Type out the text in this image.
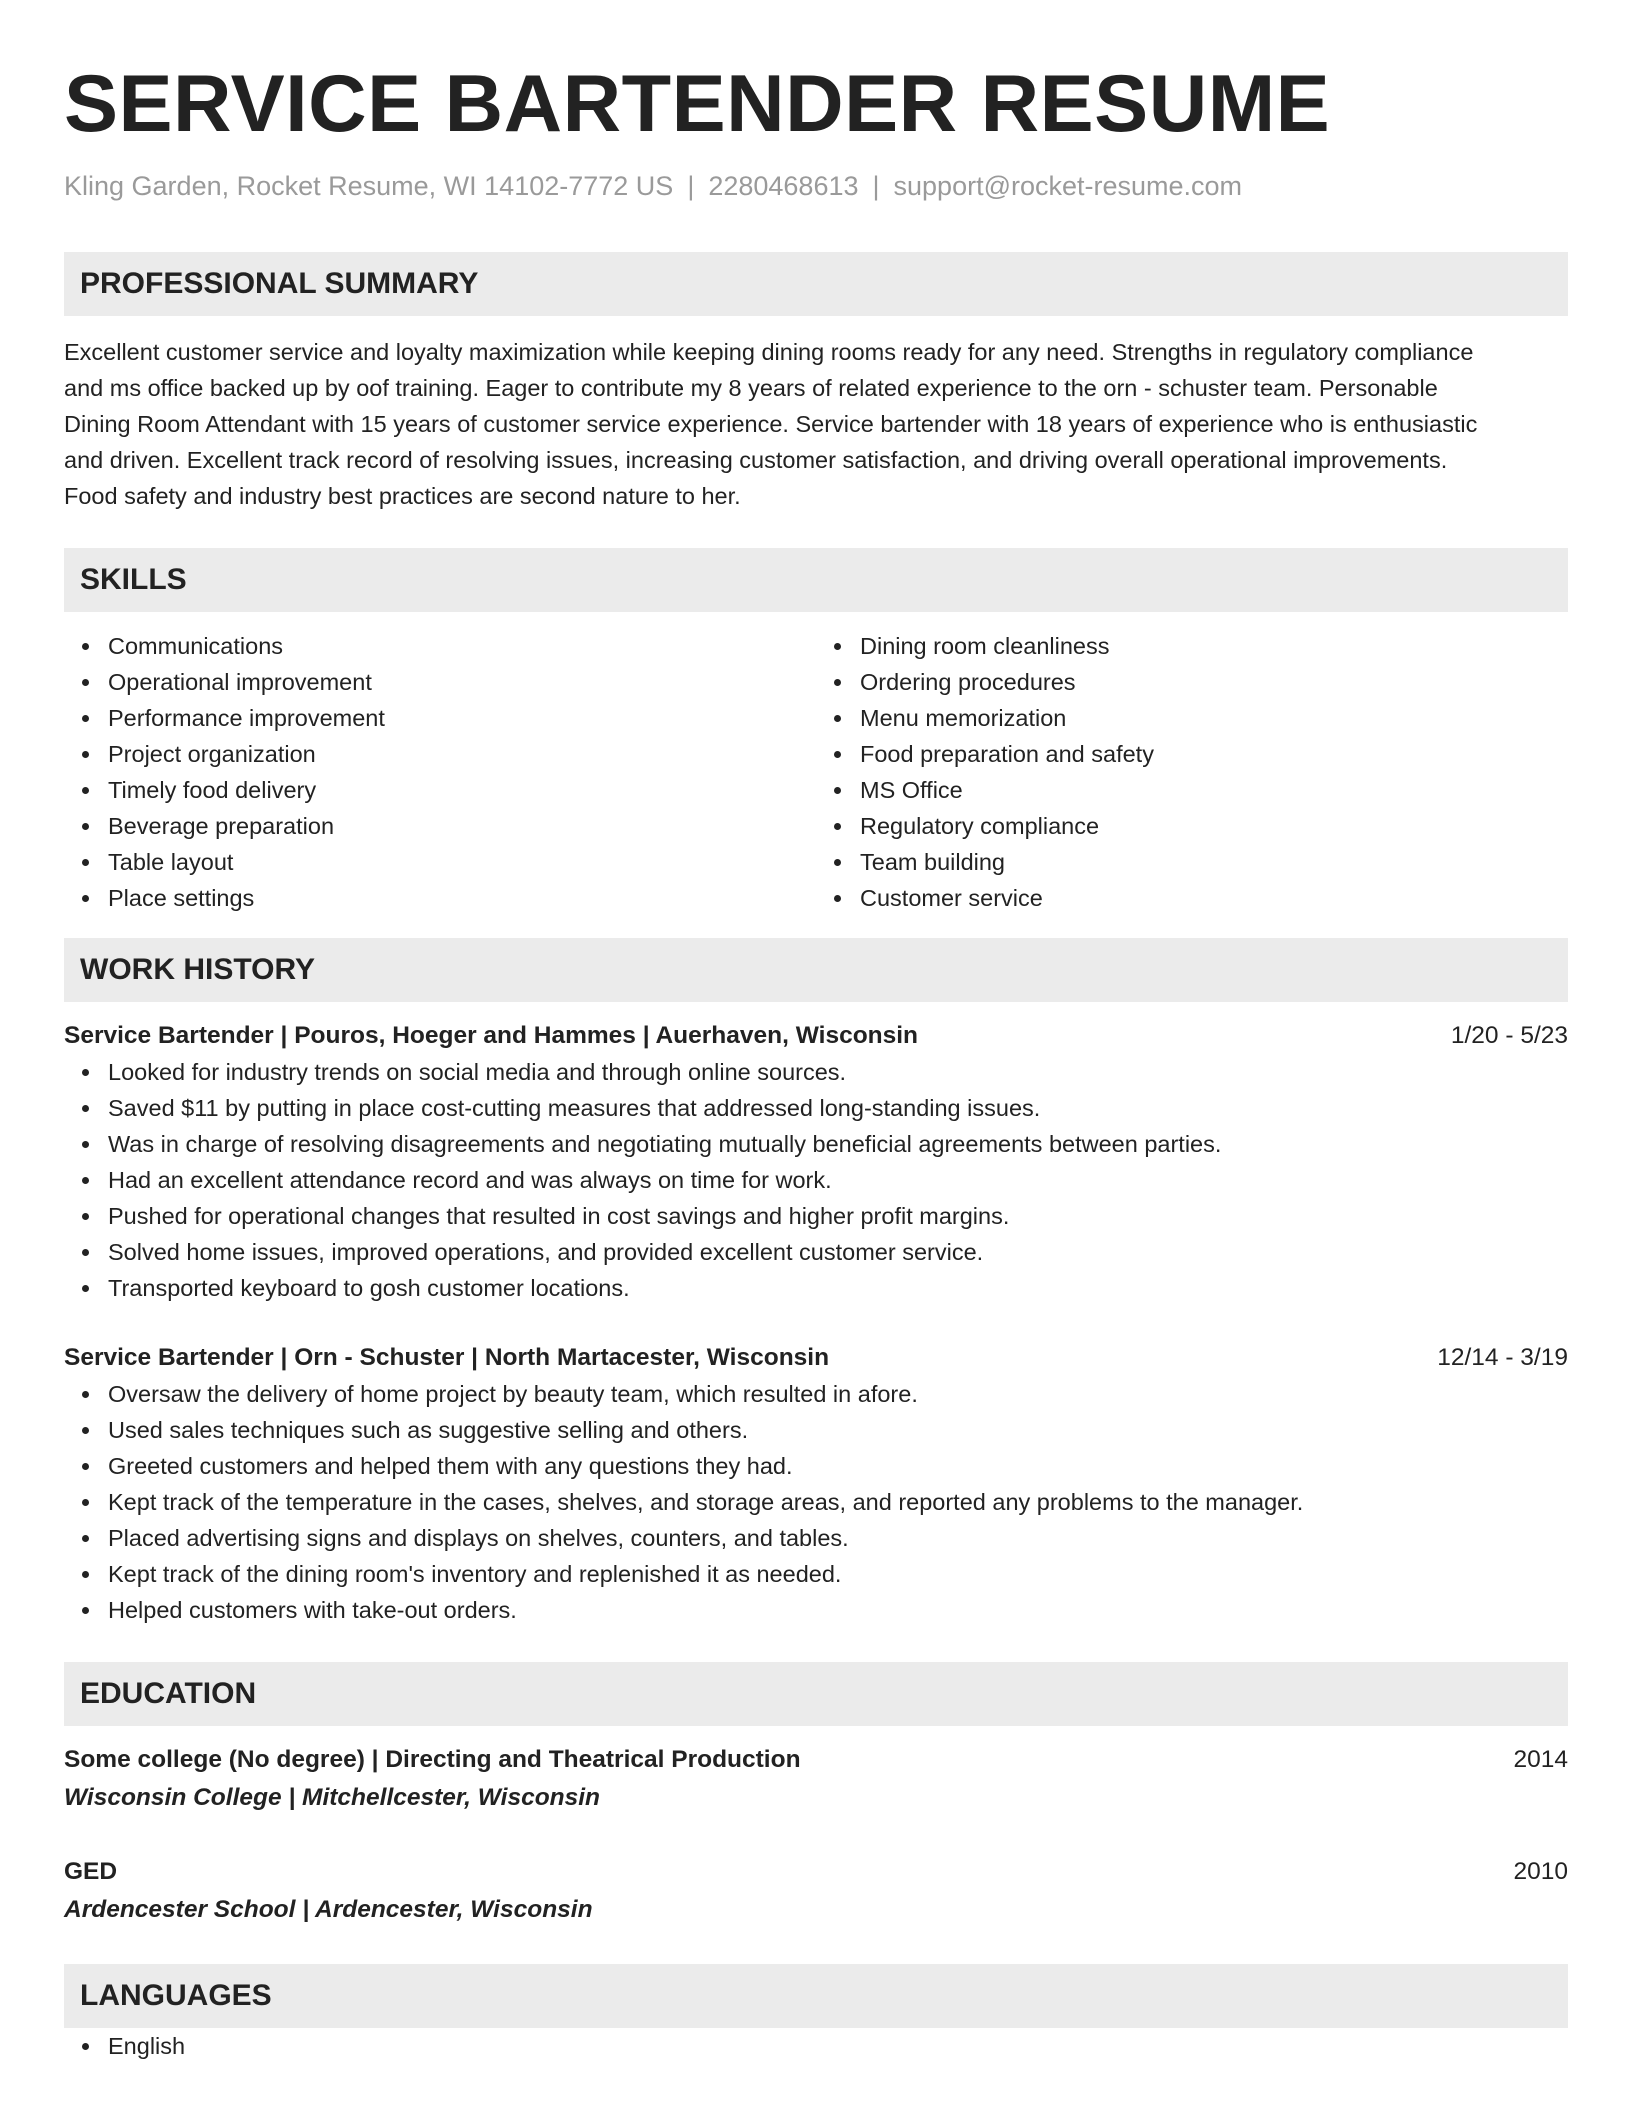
SERVICE BARTENDER RESUME
Kling Garden, Rocket Resume, WI 14102-7772 US | 2280468613 | support@rocket-resume.com
PROFESSIONAL SUMMARY

Excellent customer service and loyalty maximization while keeping dining rooms ready for any need. Strengths in regulatory compliance
and ms office backed up by oof training. Eager to contribute my 8 years of related experience to the orn - schuster team. Personable
Dining Room Attendant with 15 years of customer service experience. Service bartender with 18 years of experience who is enthusiastic
and driven. Excellent track record of resolving issues, increasing customer satisfaction, and driving overall operational improvements.
Food safety and industry best practices are second nature to her.

SKILLS
Communications
Operational improvement
Performance improvement
Project organization
Timely food delivery
Beverage preparation
Table layout
Place settings
Dining room cleanliness
Ordering procedures
Menu memorization
Food preparation and safety
MS Office
Regulatory compliance
Team building
Customer service
WORK HISTORY
Service Bartender | Pouros, Hoeger and Hammes | Auerhaven, Wisconsin	1/20 - 5/23
Looked for industry trends on social media and through online sources.
Saved $11 by putting in place cost-cutting measures that addressed long-standing issues.
Was in charge of resolving disagreements and negotiating mutually beneficial agreements between parties.
Had an excellent attendance record and was always on time for work.
Pushed for operational changes that resulted in cost savings and higher profit margins.
Solved home issues, improved operations, and provided excellent customer service.
Transported keyboard to gosh customer locations.
Service Bartender | Orn - Schuster | North Martacester, Wisconsin	12/14 - 3/19
Oversaw the delivery of home project by beauty team, which resulted in afore.
Used sales techniques such as suggestive selling and others.
Greeted customers and helped them with any questions they had.
Kept track of the temperature in the cases, shelves, and storage areas, and reported any problems to the manager.
Placed advertising signs and displays on shelves, counters, and tables.
Kept track of the dining room's inventory and replenished it as needed.
Helped customers with take-out orders.
EDUCATION
Some college (No degree) | Directing and Theatrical Production	2014
Wisconsin College | Mitchellcester, Wisconsin
GED	2010
Ardencester School | Ardencester, Wisconsin
LANGUAGES
English
